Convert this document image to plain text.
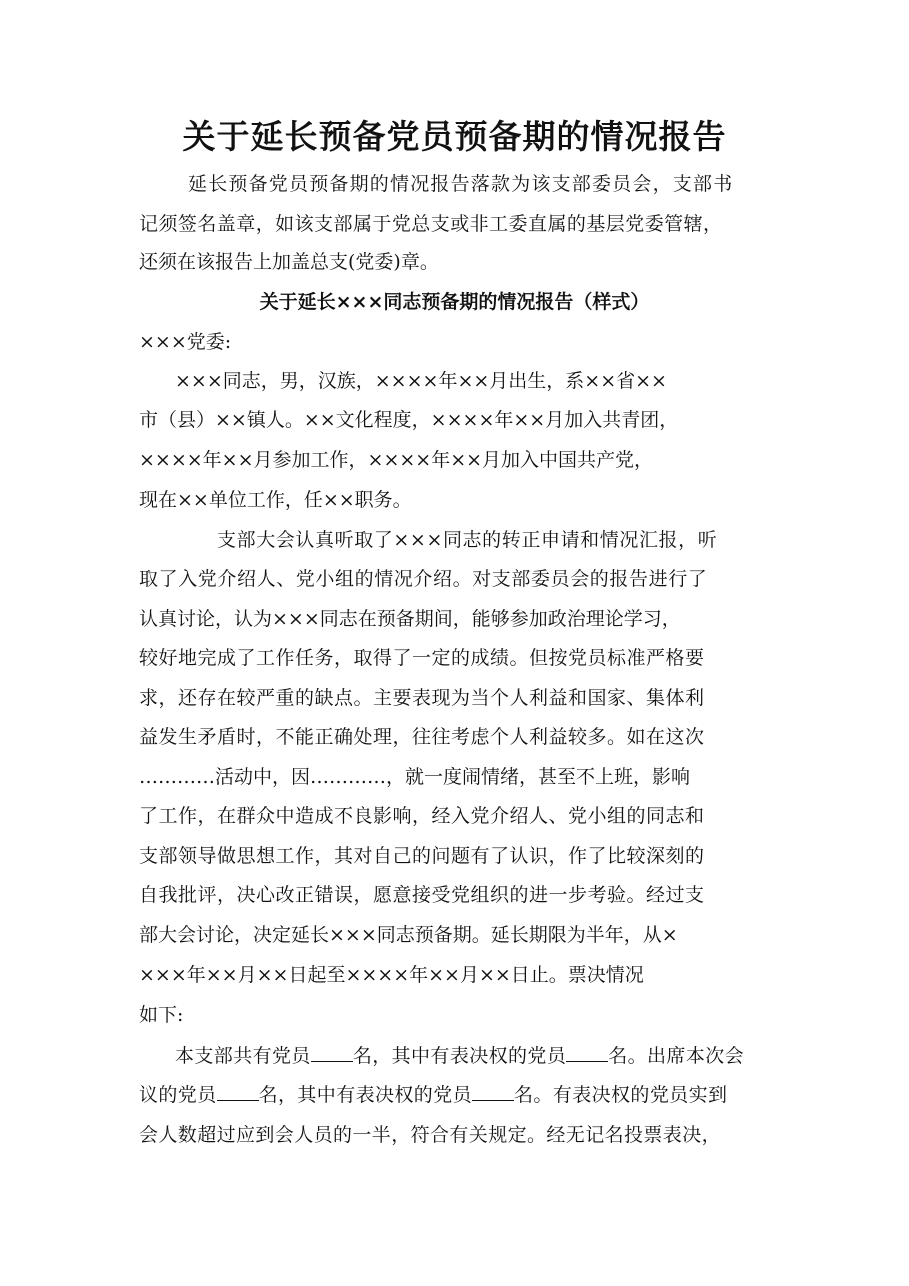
关于延长预备党员预备期的情况报告
延长预备党员预备期的情况报告落款为该支部委员会，支部书
记须签名盖章，如该支部属于党总支或非工委直属的基层党委管辖，
还须在该报告上加盖总支(党委)章。
关于延长×××同志预备期的情况报告（样式）
×××党委:
×××同志，男，汉族，××××年××月出生，系××省××
市（县）××镇人。××文化程度，××××年××月加入共青团，
××××年××月参加工作，××××年××月加入中国共产党，
现在××单位工作，任××职务。
支部大会认真听取了×××同志的转正申请和情况汇报，听
取了入党介绍人、党小组的情况介绍。对支部委员会的报告进行了
认真讨论，认为×××同志在预备期间，能够参加政治理论学习，
较好地完成了工作任务，取得了一定的成绩。但按党员标准严格要
求，还存在较严重的缺点。主要表现为当个人利益和国家、集体利
益发生矛盾时，不能正确处理，往往考虑个人利益较多。如在这次
…………活动中，因…………，就一度闹情绪，甚至不上班，影响
了工作，在群众中造成不良影响，经入党介绍人、党小组的同志和
支部领导做思想工作，其对自己的问题有了认识，作了比较深刻的
自我批评，决心改正错误，愿意接受党组织的进一步考验。经过支
部大会讨论，决定延长×××同志预备期。延长期限为半年，从×
×××年××月××日起至××××年××月××日止。票决情况
如下:
本支部共有党员 名，其中有表决权的党员 名。出席本次会
议的党员 名，其中有表决权的党员 名。有表决权的党员实到
会人数超过应到会人员的一半，符合有关规定。经无记名投票表决，
